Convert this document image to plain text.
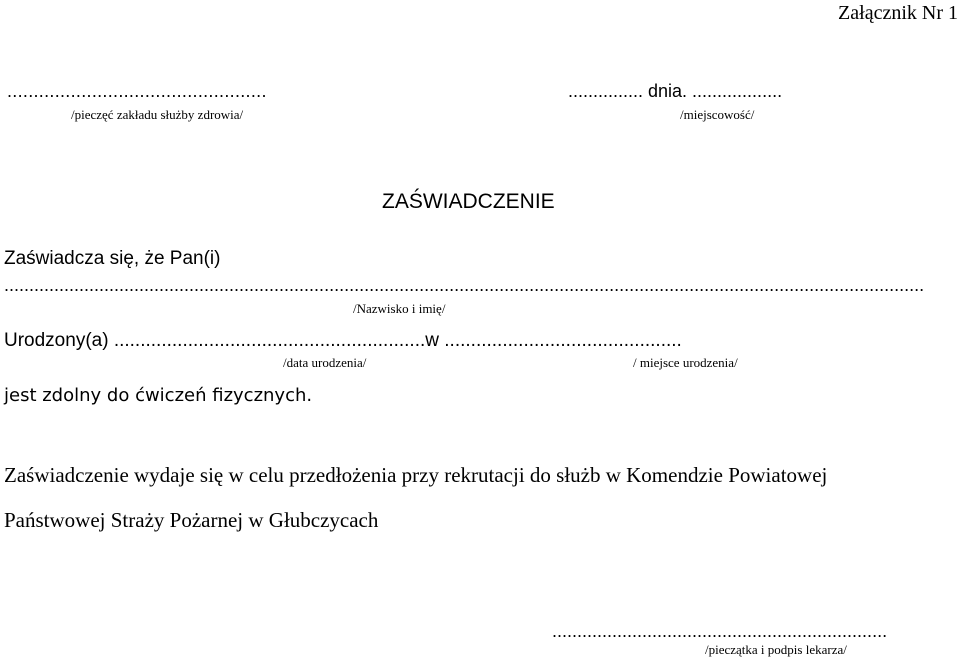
Załącznik Nr 1
.................................................
/pieczęć zakładu służby zdrowia/
............... dnia. ..................
/miejscowość/
ZAŚWIADCZENIE
Zaświadcza się, że Pan(i)
........................................................................................................................................................................................
/Nazwisko i imię/
Urodzony(a) ...........................................................w .............................................
/data urodzenia/	/ miejsce urodzenia/
jest zdolny do ćwiczeń fizycznych.
Zaświadczenie wydaje się w celu przedłożenia przy rekrutacji do służb w Komendzie Powiatowej
Państwowej Straży Pożarnej w Głubczycach
...................................................................
/pieczątka i podpis lekarza/
